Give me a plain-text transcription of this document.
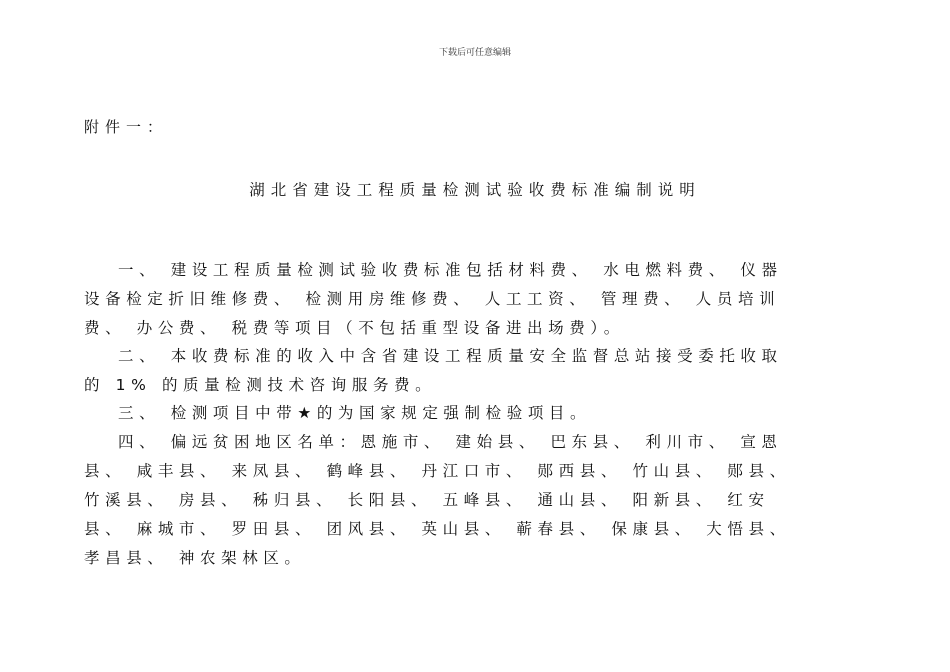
下载后可任意编辑
附件一：
湖北省建设工程质量检测试验收费标准编制说明
一、 建设工程质量检测试验收费标准包括材料费、 水电燃料费、 仪器
设备检定折旧维修费、 检测用房维修费、 人工工资、 管理费、 人员培训
费、 办公费、 税费等项目（不包括重型设备进出场费）。
二、 本收费标准的收入中含省建设工程质量安全监督总站接受委托收取
的 1% 的质量检测技术咨询服务费。
三、 检测项目中带★的为国家规定强制检验项目。
四、 偏远贫困地区名单：恩施市、 建始县、 巴东县、 利川市、 宣恩
县、 咸丰县、 来凤县、 鹤峰县、 丹江口市、 郧西县、 竹山县、 郧县、
竹溪县、 房县、 秭归县、 长阳县、 五峰县、 通山县、 阳新县、 红安
县、 麻城市、 罗田县、 团风县、 英山县、 蕲春县、 保康县、 大悟县、
孝昌县、 神农架林区。
